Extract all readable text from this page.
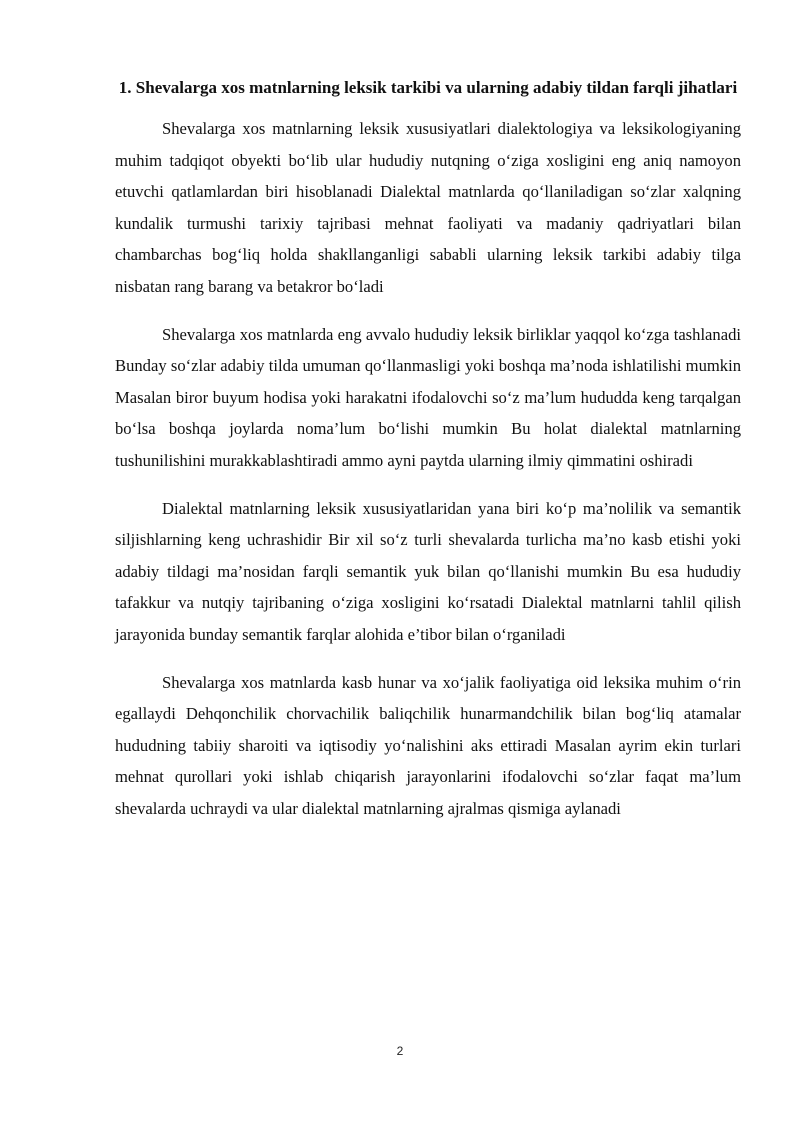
1. Shevalarga xos matnlarning leksik tarkibi va ularning adabiy tildan farqli jihatlari

Shevalarga xos matnlarning leksik xususiyatlari dialektologiya va leksikologiyaning muhim tadqiqot obyekti bo‘lib ular hududiy nutqning o‘ziga xosligini eng aniq namoyon etuvchi qatlamlardan biri hisoblanadi Dialektal matnlarda qo‘llaniladigan so‘zlar xalqning kundalik turmushi tarixiy tajribasi mehnat faoliyati va madaniy qadriyatlari bilan chambarchas bog‘liq holda shakllanganligi sababli ularning leksik tarkibi adabiy tilga nisbatan rang barang va betakror bo‘ladi

Shevalarga xos matnlarda eng avvalo hududiy leksik birliklar yaqqol ko‘zga tashlanadi Bunday so‘zlar adabiy tilda umuman qo‘llanmasligi yoki boshqa ma’noda ishlatilishi mumkin Masalan biror buyum hodisa yoki harakatni ifodalovchi so‘z ma’lum hududda keng tarqalgan bo‘lsa boshqa joylarda noma’lum bo‘lishi mumkin Bu holat dialektal matnlarning tushunilishini murakkablashtiradi ammo ayni paytda ularning ilmiy qimmatini oshiradi

Dialektal matnlarning leksik xususiyatlaridan yana biri ko‘p ma’nolilik va semantik siljishlarning keng uchrashidir Bir xil so‘z turli shevalarda turlicha ma’no kasb etishi yoki adabiy tildagi ma’nosidan farqli semantik yuk bilan qo‘llanishi mumkin Bu esa hududiy tafakkur va nutqiy tajribaning o‘ziga xosligini ko‘rsatadi Dialektal matnlarni tahlil qilish jarayonida bunday semantik farqlar alohida e’tibor bilan o‘rganiladi

Shevalarga xos matnlarda kasb hunar va xo‘jalik faoliyatiga oid leksika muhim o‘rin egallaydi Dehqonchilik chorvachilik baliqchilik hunarmandchilik bilan bog‘liq atamalar hududning tabiiy sharoiti va iqtisodiy yo‘nalishini aks ettiradi Masalan ayrim ekin turlari mehnat qurollari yoki ishlab chiqarish jarayonlarini ifodalovchi so‘zlar faqat ma’lum shevalarda uchraydi va ular dialektal matnlarning ajralmas qismiga aylanadi

2
